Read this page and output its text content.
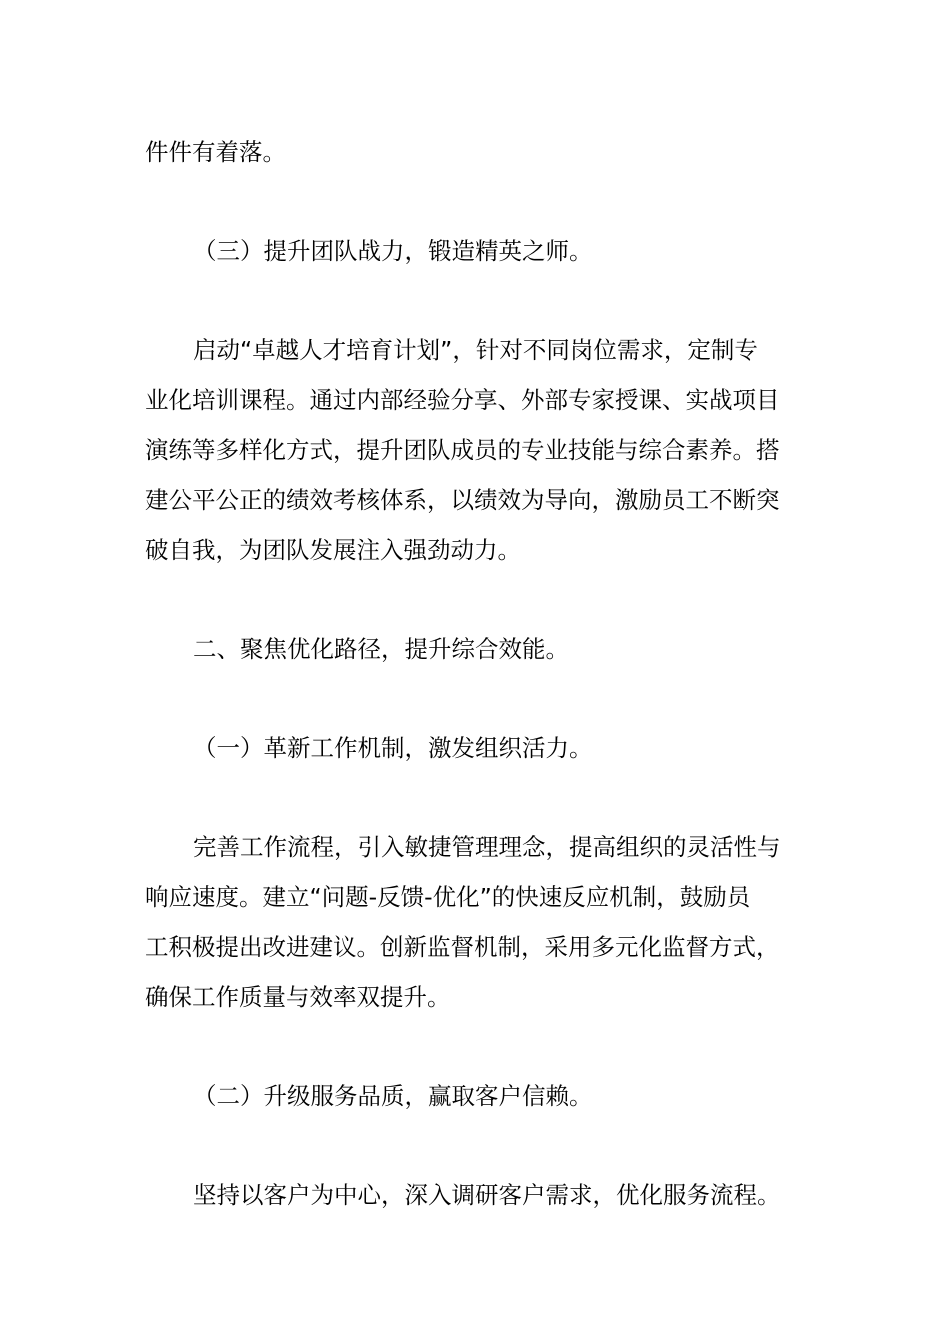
件件有着落。

（三）提升团队战力，锻造精英之师。

启动“卓越人才培育计划”，针对不同岗位需求，定制专

业化培训课程。通过内部经验分享、外部专家授课、实战项目

演练等多样化方式，提升团队成员的专业技能与综合素养。搭

建公平公正的绩效考核体系，以绩效为导向，激励员工不断突

破自我，为团队发展注入强劲动力。

二、聚焦优化路径，提升综合效能。

（一）革新工作机制，激发组织活力。

完善工作流程，引入敏捷管理理念，提高组织的灵活性与

响应速度。建立“问题-反馈-优化”的快速反应机制，鼓励员

工积极提出改进建议。创新监督机制，采用多元化监督方式，

确保工作质量与效率双提升。

（二）升级服务品质，赢取客户信赖。

坚持以客户为中心，深入调研客户需求，优化服务流程。
